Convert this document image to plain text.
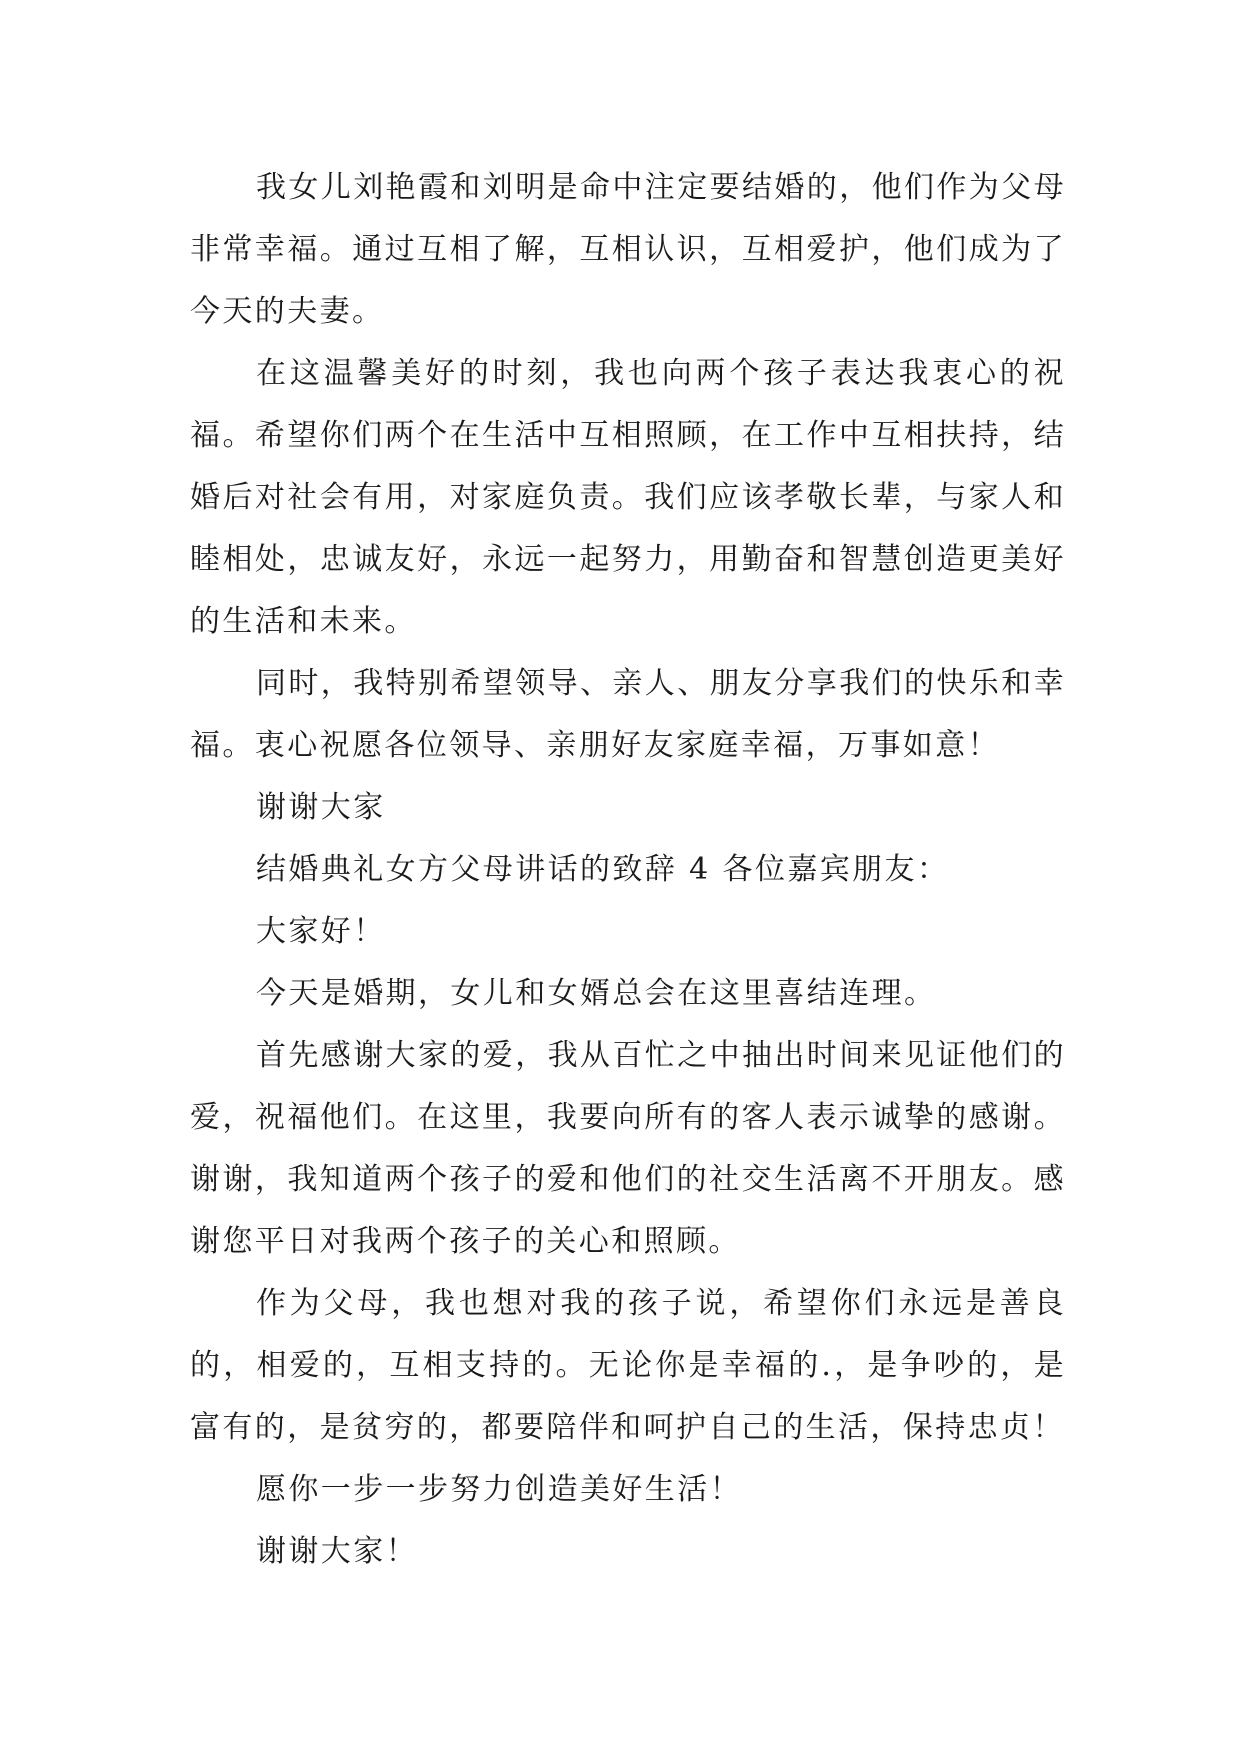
我女儿刘艳霞和刘明是命中注定要结婚的，他们作为父母非常幸福。通过互相了解，互相认识，互相爱护，他们成为了今天的夫妻。

在这温馨美好的时刻，我也向两个孩子表达我衷心的祝福。希望你们两个在生活中互相照顾，在工作中互相扶持，结婚后对社会有用，对家庭负责。我们应该孝敬长辈，与家人和睦相处，忠诚友好，永远一起努力，用勤奋和智慧创造更美好的生活和未来。

同时，我特别希望领导、亲人、朋友分享我们的快乐和幸福。衷心祝愿各位领导、亲朋好友家庭幸福，万事如意！

谢谢大家

结婚典礼女方父母讲话的致辞 4 各位嘉宾朋友：

大家好！

今天是婚期，女儿和女婿总会在这里喜结连理。

首先感谢大家的爱，我从百忙之中抽出时间来见证他们的爱，祝福他们。在这里，我要向所有的客人表示诚挚的感谢。谢谢，我知道两个孩子的爱和他们的社交生活离不开朋友。感谢您平日对我两个孩子的关心和照顾。

作为父母，我也想对我的孩子说，希望你们永远是善良的，相爱的，互相支持的。无论你是幸福的.，是争吵的，是富有的，是贫穷的，都要陪伴和呵护自己的生活，保持忠贞！

愿你一步一步努力创造美好生活！

谢谢大家！
